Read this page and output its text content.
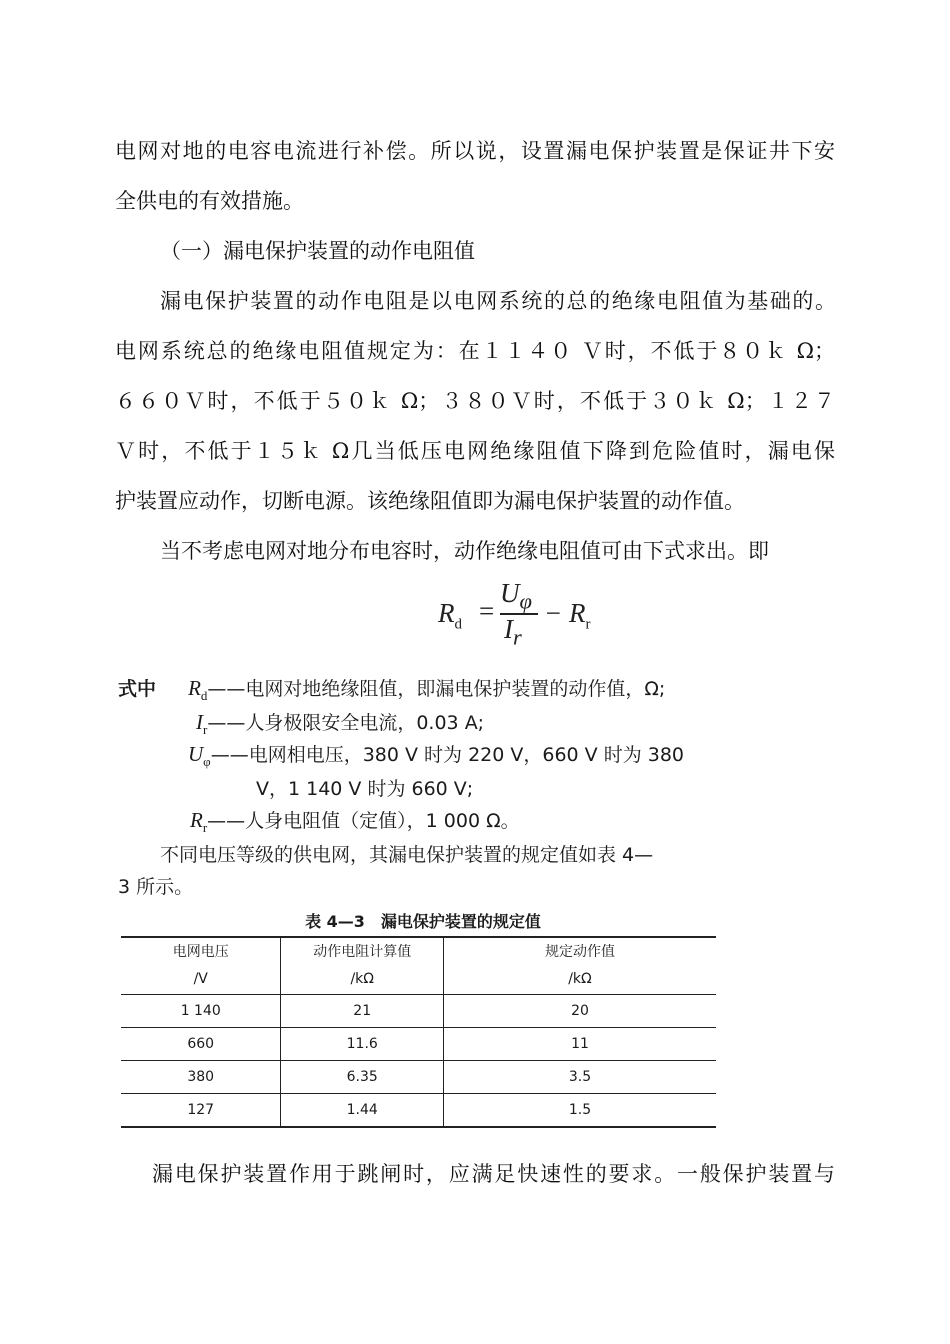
电网对地的电容电流进行补偿。所以说，设置漏电保护装置是保证井下安
全供电的有效措施。
（一）漏电保护装置的动作电阻值
漏电保护装置的动作电阻是以电网系统的总的绝缘电阻值为基础的。
电网系统总的绝缘电阻值规定为：在１１４０ Ｖ时，不低于８０ｋ Ω；
６６０Ｖ时，不低于５０ｋ Ω；３８０Ｖ时，不低于３０ｋ Ω；１２７
Ｖ时，不低于１５ｋ Ω几当低压电网绝缘阻值下降到危险值时，漏电保
护装置应动作，切断电源。该绝缘阻值即为漏电保护装置的动作值。
当不考虑电网对地分布电容时，动作绝缘电阻值可由下式求出。即
$R_d$ =
$U_\varphi$
$I_r$
− $R_r$
式中 $R_d——$电网对地绝缘阻值，即漏电保护装置的动作值，Ω;
$I_r——$人身极限安全电流，0.03 A;
$U_\varphi——$电网相电压，380 V 时为 220 V，660 V 时为 380
V，1 140 V 时为 660 V;
$R_r——$人身电阻值（定值），1 000 Ω。
不同电压等级的供电网，其漏电保护装置的规定值如表 4—
3 所示。
表 4—3　漏电保护装置的规定值
电网电压	动作电阻计算值	规定动作值
/V	/kΩ	/kΩ
1 140	21	20
660	11.6	11
380	6.35	3.5
127	1.44	1.5
漏电保护装置作用于跳闸时，应满足快速性的要求。一般保护装置与
